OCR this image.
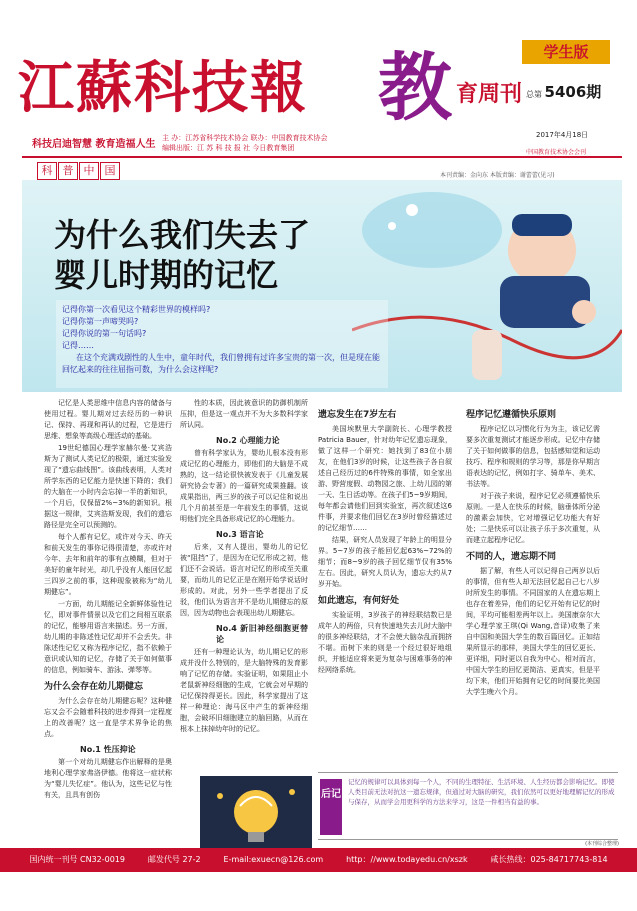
江蘇科技報 教 育周刊
学生版
总第 5406期
2017年4月18日
中国教育技术协会会刊
科技启迪智慧 教育造福人生
主 办：江苏省科学技术协会 联办：中国教育技术协会
编辑出版：江 苏 科 技 报 社 今日教育集团
科 普 中 国	本刊责编：金向东 本版责编：谢蕾蕾(见习)
为什么我们失去了
婴儿时期的记忆
记得你第一次看见这个精彩世界的模样吗?
记得你第一声啼哭吗?
记得你说的第一句话吗?
记得……
在这个充满戏剧性的人生中，童年时代，我们曾拥有过许多宝贵的第一次，但是现在能回忆起来的往往屈指可数，为什么会这样呢?

记忆是人类思维中信息内容的储备与使用过程。婴儿期对过去经历的一种识记、保持、再现和再认的过程，它是进行思维、想象等高级心理活动的基础。

19世纪德国心理学家赫尔曼·艾宾浩斯为了测试人类记忆的极限，通过实验发现了“遗忘曲线图”。该曲线表明，人类对所学东西的记忆能力是快速下降的；我们的大脑在一小时内会忘掉一半的新知识，一个月后，仅保留2%~3%的新知识。根据这一规律，艾宾浩斯发现，我们的遗忘路径是完全可以预测的。

每个人都有记忆，或许对今天、昨天和前天发生的事你记得很清楚，亦或许对今年、去年和前年的事有点模糊，但对于美好的童年时光，却几乎没有人能回忆起三四岁之前的事，这种现象被称为“幼儿期健忘”。

一方面，幼儿期能记全新鲜体验性记忆，即对事件情景以及它们之间相互联系的记忆，能够用语言来描述。另一方面，幼儿期的非陈述性记忆却并不会丢失。非陈述性记忆又称为程序记忆，指不依赖于意识或认知的记忆，存储了关于如何做事的信息，例如骑车、游泳、弹琴等。

为什么会存在幼儿期健忘

为什么会存在幼儿期健忘呢？这种健忘又会不会随着科技的进步得到一定程度上的改善呢？这一直是学术界争论的焦点。

No.1 性压抑论

第一个对幼儿期健忘作出解释的是奥地利心理学家弗洛伊德。他将这一症状称为“婴儿失忆症”。他认为，这些记忆与性有关，且具有创伤

性的本质，因此被意识的防御机制所压抑，但是这一观点并不为大多数科学家所认同。

No.2 心理能力论

曾有科学家认为，婴幼儿根本没有形成记忆的心理能力，即他们的大脑是不成熟的，这一结论很快被发表于《儿童发展研究协会专著》的一篇研究成果推翻。该成果指出，两三岁的孩子可以记住和说出几个月前甚至是一年前发生的事情，这说明他们完全具备形成记忆的心理能力。

No.3 语言论

后来，又有人提出，婴幼儿的记忆被“阻挡”了，是因为在记忆形成之初，他们还不会说话。语言对记忆的形成至关重要，而幼儿的记忆正是在刚开始学说话时形成的。对此，另外一些学者提出了反驳，他们认为语言并不是幼儿期健忘的原因，因为动物也会表现出幼儿期健忘。

No.4 新旧神经细胞更替论

还有一种理论认为，幼儿期记忆的形成并没什么特别的，是大脑特殊的发育影响了记忆的存储。实验证明，如果阻止小老鼠新神经细胞的生成，它就会对早期的记忆保持得更长。因此，科学家提出了这样一种理论：海马区中产生的新神经细胞，会破坏旧细胞建立的脑回路，从而在根本上抹掉幼年时的记忆。

遗忘发生在7岁左右

美国埃默里大学副院长、心理学教授Patricia Bauer，针对幼年记忆遗忘现象，做了这样一个研究：她找到了83位小朋友，在他们3岁的时候，让这些孩子各自叙述自己经历过的6件特殊的事情，如全家出游、野营度假、动物园之旅、上幼儿园的第一天、生日活动等。在孩子们5~9岁期间，每年都会请他们回到实验室，再次叙述这6件事，并要求他们回忆在3岁时曾经描述过的记忆细节……

结果，研究人员发现了年龄上的明显分界。5~7岁的孩子能回忆起63%~72%的细节；而8~9岁的孩子回忆细节仅有35%左右。因此，研究人员认为，遗忘大约从7岁开始。

如此遗忘，有何好处

实验证明，3岁孩子的神经联结数已是成年人的两倍，只有快速地失去儿时大脑中的很多神经联结，才不会使大脑杂乱而拥挤不堪。而树下来的则是一个经过很好地组织，并能适应将来更为复杂与困难事务的神经网络系统。

程序记忆遵循快乐原则

程序记忆以习惯化行为为主，该记忆需要多次重复测试才能逐步形成。记忆中存储了关于如何做事的信息，包括感知觉和运动技巧、程序和规则的学习等，那是你早期言语表达的记忆，例如打字、骑单车、美术、书法等。

对于孩子来说，程序记忆必须遵循快乐原则。一是人在快乐的时候，脑垂体所分泌的激素会加快，它对增强记忆功能大有好处；二是快乐可以让孩子乐于多次重复，从而建立起程序记忆。

不同的人，遗忘期不同

据了解，有些人可以记得自己两岁以后的事情，但有些人却无法回忆起自己七八岁时所发生的事情。不同国家的人在遗忘期上也存在着差异，他们的记忆开始有记忆的时间，平均可能相差两年以上。美国康奈尔大学心理学家王琪(Qi Wang,音译)收集了来自中国和美国大学生的数百篇回忆。正如结果所显示的那样，美国大学生的回忆更长、更详细，同时更以自我为中心。相对而言，中国大学生的回忆更简洁、更真实，但是平均下来，他们开始拥有记忆的时间要比美国大学生晚六个月。

后记
记忆的规律可以具体到每一个人，不同的生理特征、生活环境、人生经历都会影响记忆。即使人类目前无法对抗这一遗忘规律，但通过对大脑的研究，我们依然可以更好地理解记忆的形成与保存，从而学会用更科学的方法来学习，这是一件相当有益的事。
(本刊综合整理)
国内统一刊号 CN32-0019	邮发代号 27-2	E-mail:exuecn@126.com	http：//www.todayedu.cn/xszk	咸长热线：025-84717743-814
